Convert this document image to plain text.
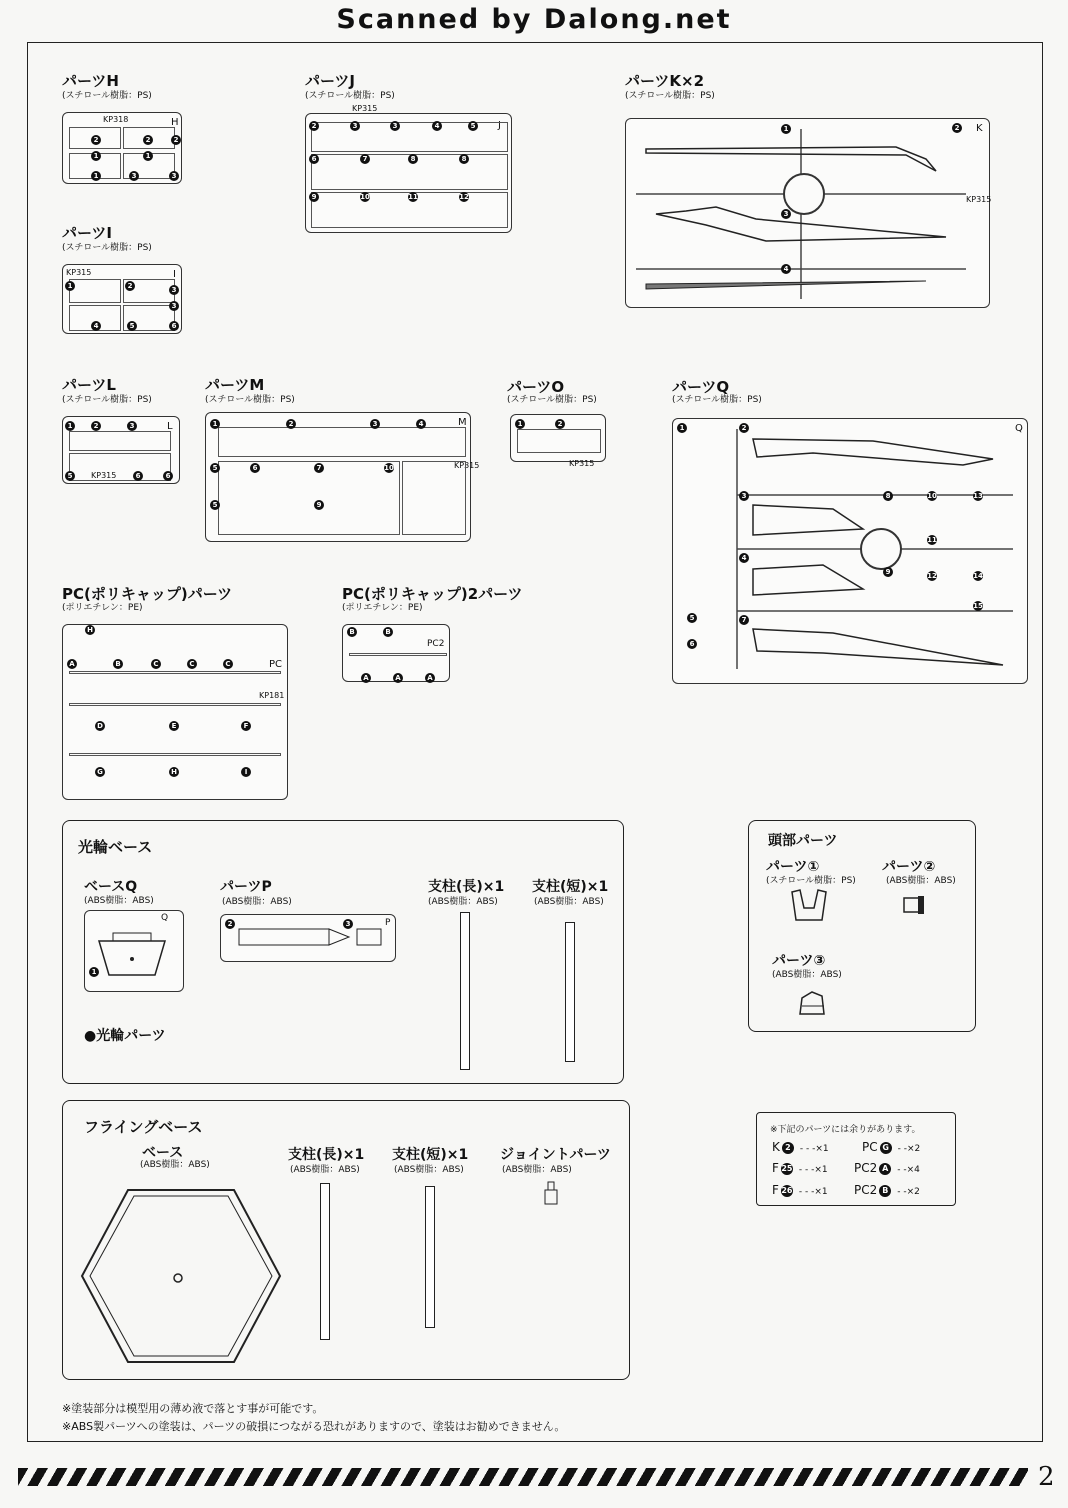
Scanned by Dalong.net
パーツH
(スチロール樹脂：PS)
KP318	H
2
1
2
1
2
1
3	3
パーツJ
(スチロール樹脂：PS)
KP315
J
2	3	3	4	5
6	7	8	8
9	10	11	12
パーツK×2
(スチロール樹脂：PS)
K
KP315
1	2
3
4
パーツI
(スチロール樹脂：PS)
KP315	I
1	2	3
3
4	5	6
パーツL
(スチロール樹脂：PS)
L
KP315
1	2	3
5	6	6
パーツM
(スチロール樹脂：PS)
M
KP315
1	2	3	4
5	6	7	10
5	9
パーツO
(スチロール樹脂：PS)
KP315
1	2
パーツQ
(スチロール樹脂：PS)
Q
1	2
3
4
5
6
7
8
9
10
11
12
13
14
15
PC(ポリキャップ)パーツ
(ポリエチレン：PE)
PC
KP181
H
A	B	C	C	C
D	E	F
G	H	I
PC(ポリキャップ)2パーツ
(ポリエチレン：PE)
PC2
B	B
A	A	A
光輪ベース
ベースQ
(ABS樹脂：ABS)
Q
1
パーツP
(ABS樹脂：ABS)
P
2	3
支柱(長)×1
(ABS樹脂：ABS)
支柱(短)×1
(ABS樹脂：ABS)
●光輪パーツ
頭部パーツ
パーツ①
(スチロール樹脂：PS)
パーツ②
(ABS樹脂：ABS)
パーツ③
(ABS樹脂：ABS)
フライングベース
ベース
(ABS樹脂：ABS)
支柱(長)×1
(ABS樹脂：ABS)
支柱(短)×1
(ABS樹脂：ABS)
ジョイントパーツ
(ABS樹脂：ABS)
※下記のパーツには余りがあります。
K 2 - - -×1	PC G - -×2
F 25 - - -×1 PC2 A - -×4
F 26 - - -×1 PC2 B - -×2
※塗装部分は模型用の薄め液で落とす事が可能です。
※ABS製パーツへの塗装は、パーツの破損につながる恐れがありますので、塗装はお勧めできません。
2
